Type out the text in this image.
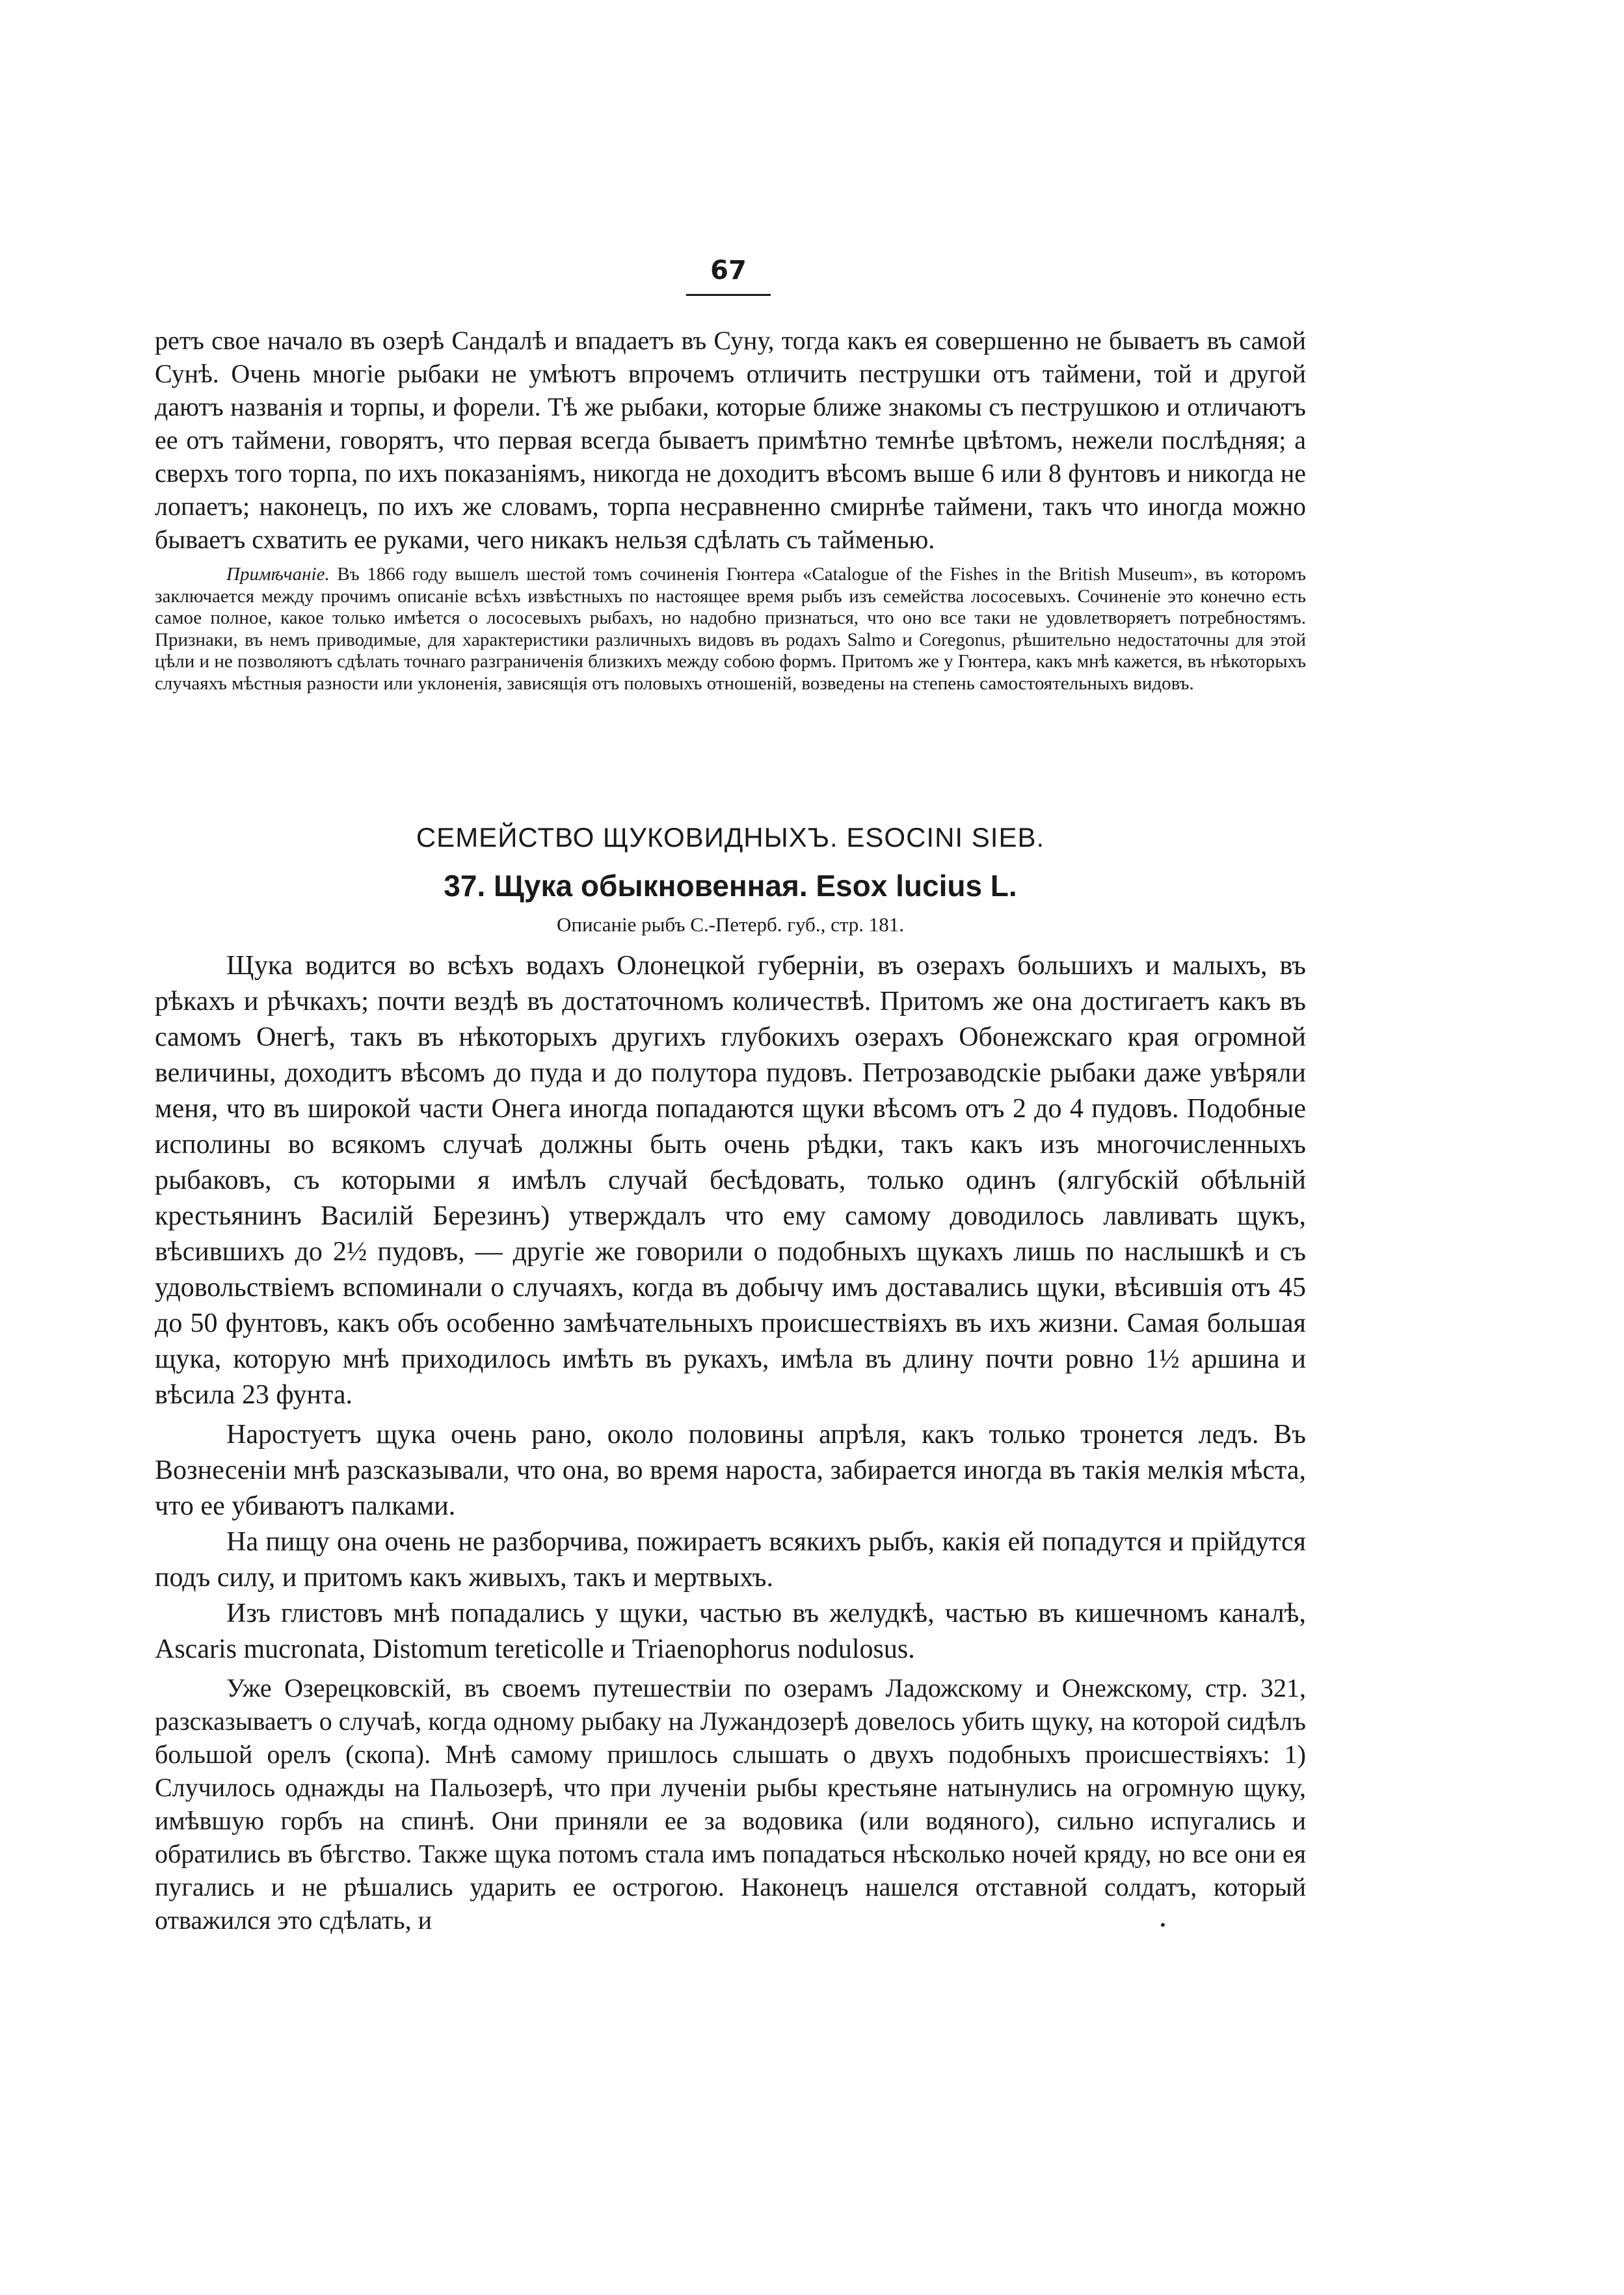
67

ретъ свое начало въ озерѣ Сандалѣ и впадаетъ въ Суну, тогда какъ ея совершенно не бываетъ въ самой Сунѣ. Очень многіе рыбаки не умѣютъ впрочемъ отличить пеструшки отъ таймени, той и другой даютъ названія и торпы, и форели. Тѣ же рыбаки, которые ближе знакомы съ пеструшкою и отличаютъ ее отъ таймени, говорятъ, что первая всегда бываетъ примѣтно темнѣе цвѣтомъ, нежели послѣдняя; а сверхъ того торпа, по ихъ показаніямъ, никогда не доходитъ вѣсомъ выше 6 или 8 фунтовъ и никогда не лопаетъ; наконецъ, по ихъ же словамъ, торпа несравненно смирнѣе таймени, такъ что иногда можно бываетъ схватить ее руками, чего никакъ нельзя сдѣлать съ тайменью.

Примѣчаніе. Въ 1866 году вышелъ шестой томъ сочиненія Гюнтера «Catalogue of the Fishes in the British Museum», въ которомъ заключается между прочимъ описаніе всѣхъ извѣстныхъ по настоящее время рыбъ изъ семейства лососевыхъ. Сочиненіе это конечно есть самое полное, какое только имѣется о лососевыхъ рыбахъ, но надобно признаться, что оно все таки не удовлетворяетъ потребностямъ. Признаки, въ немъ приводимые, для характеристики различныхъ видовъ въ родахъ Salmo и Coregonus, рѣшительно недостаточны для этой цѣли и не позволяютъ сдѣлать точнаго разграниченія близкихъ между собою формъ. Притомъ же у Гюнтера, какъ мнѣ кажется, въ нѣкоторыхъ случаяхъ мѣстныя разности или уклоненія, зависящія отъ половыхъ отношеній, возведены на степень самостоятельныхъ видовъ.

СЕМЕЙСТВО ЩУКОВИДНЫХЪ. ESOCINI SIEB.
37. Щука обыкновенная. Esox lucius L.
Описаніе рыбъ С.-Петерб. губ., стр. 181.

Щука водится во всѣхъ водахъ Олонецкой губерніи, въ озерахъ большихъ и малыхъ, въ рѣкахъ и рѣчкахъ; почти вездѣ въ достаточномъ количествѣ. Притомъ же она достигаетъ какъ въ самомъ Онегѣ, такъ въ нѣкоторыхъ другихъ глубокихъ озерахъ Обонежскаго края огромной величины, доходитъ вѣсомъ до пуда и до полутора пудовъ. Петрозаводскіе рыбаки даже увѣряли меня, что въ широкой части Онега иногда попадаются щуки вѣсомъ отъ 2 до 4 пудовъ. Подобные исполины во всякомъ случаѣ должны быть очень рѣдки, такъ какъ изъ многочисленныхъ рыбаковъ, съ которыми я имѣлъ случай бесѣдовать, только одинъ (ялгубскій обѣльній крестьянинъ Василій Березинъ) утверждалъ что ему самому доводилось лавливать щукъ, вѣсившихъ до 2½ пудовъ, — другіе же говорили о подобныхъ щукахъ лишь по наслышкѣ и съ удовольствіемъ вспоминали о случаяхъ, когда въ добычу имъ доставались щуки, вѣсившія отъ 45 до 50 фунтовъ, какъ объ особенно замѣчательныхъ происшествіяхъ въ ихъ жизни. Самая большая щука, которую мнѣ приходилось имѣть въ рукахъ, имѣла въ длину почти ровно 1½ аршина и вѣсила 23 фунта.

Наростуетъ щука очень рано, около половины апрѣля, какъ только тронется ледъ. Въ Вознесеніи мнѣ разсказывали, что она, во время нароста, забирается иногда въ такія мелкія мѣста, что ее убиваютъ палками.

На пищу она очень не разборчива, пожираетъ всякихъ рыбъ, какія ей попадутся и прійдутся подъ силу, и притомъ какъ живыхъ, такъ и мертвыхъ.

Изъ глистовъ мнѣ попадались у щуки, частью въ желудкѣ, частью въ кишечномъ каналѣ, Ascaris mucronata, Distomum tereticolle и Triaenophorus nodulosus.

Уже Озерецковскій, въ своемъ путешествіи по озерамъ Ладожскому и Онежскому, стр. 321, разсказываетъ о случаѣ, когда одному рыбаку на Лужандозерѣ довелось убить щуку, на которой сидѣлъ большой орелъ (скопа). Мнѣ самому пришлось слышать о двухъ подобныхъ происшествіяхъ: 1) Случилось однажды на Пальозерѣ, что при лученіи рыбы крестьяне натынулись на огромную щуку, имѣвшую горбъ на спинѣ. Они приняли ее за водовика (или водяного), сильно испугались и обратились въ бѣгство. Также щука потомъ стала имъ попадаться нѣсколько ночей кряду, но все они ея пугались и не рѣшались ударить ее острогою. Наконецъ нашелся отставной солдатъ, который отважился это сдѣлать, и	•
